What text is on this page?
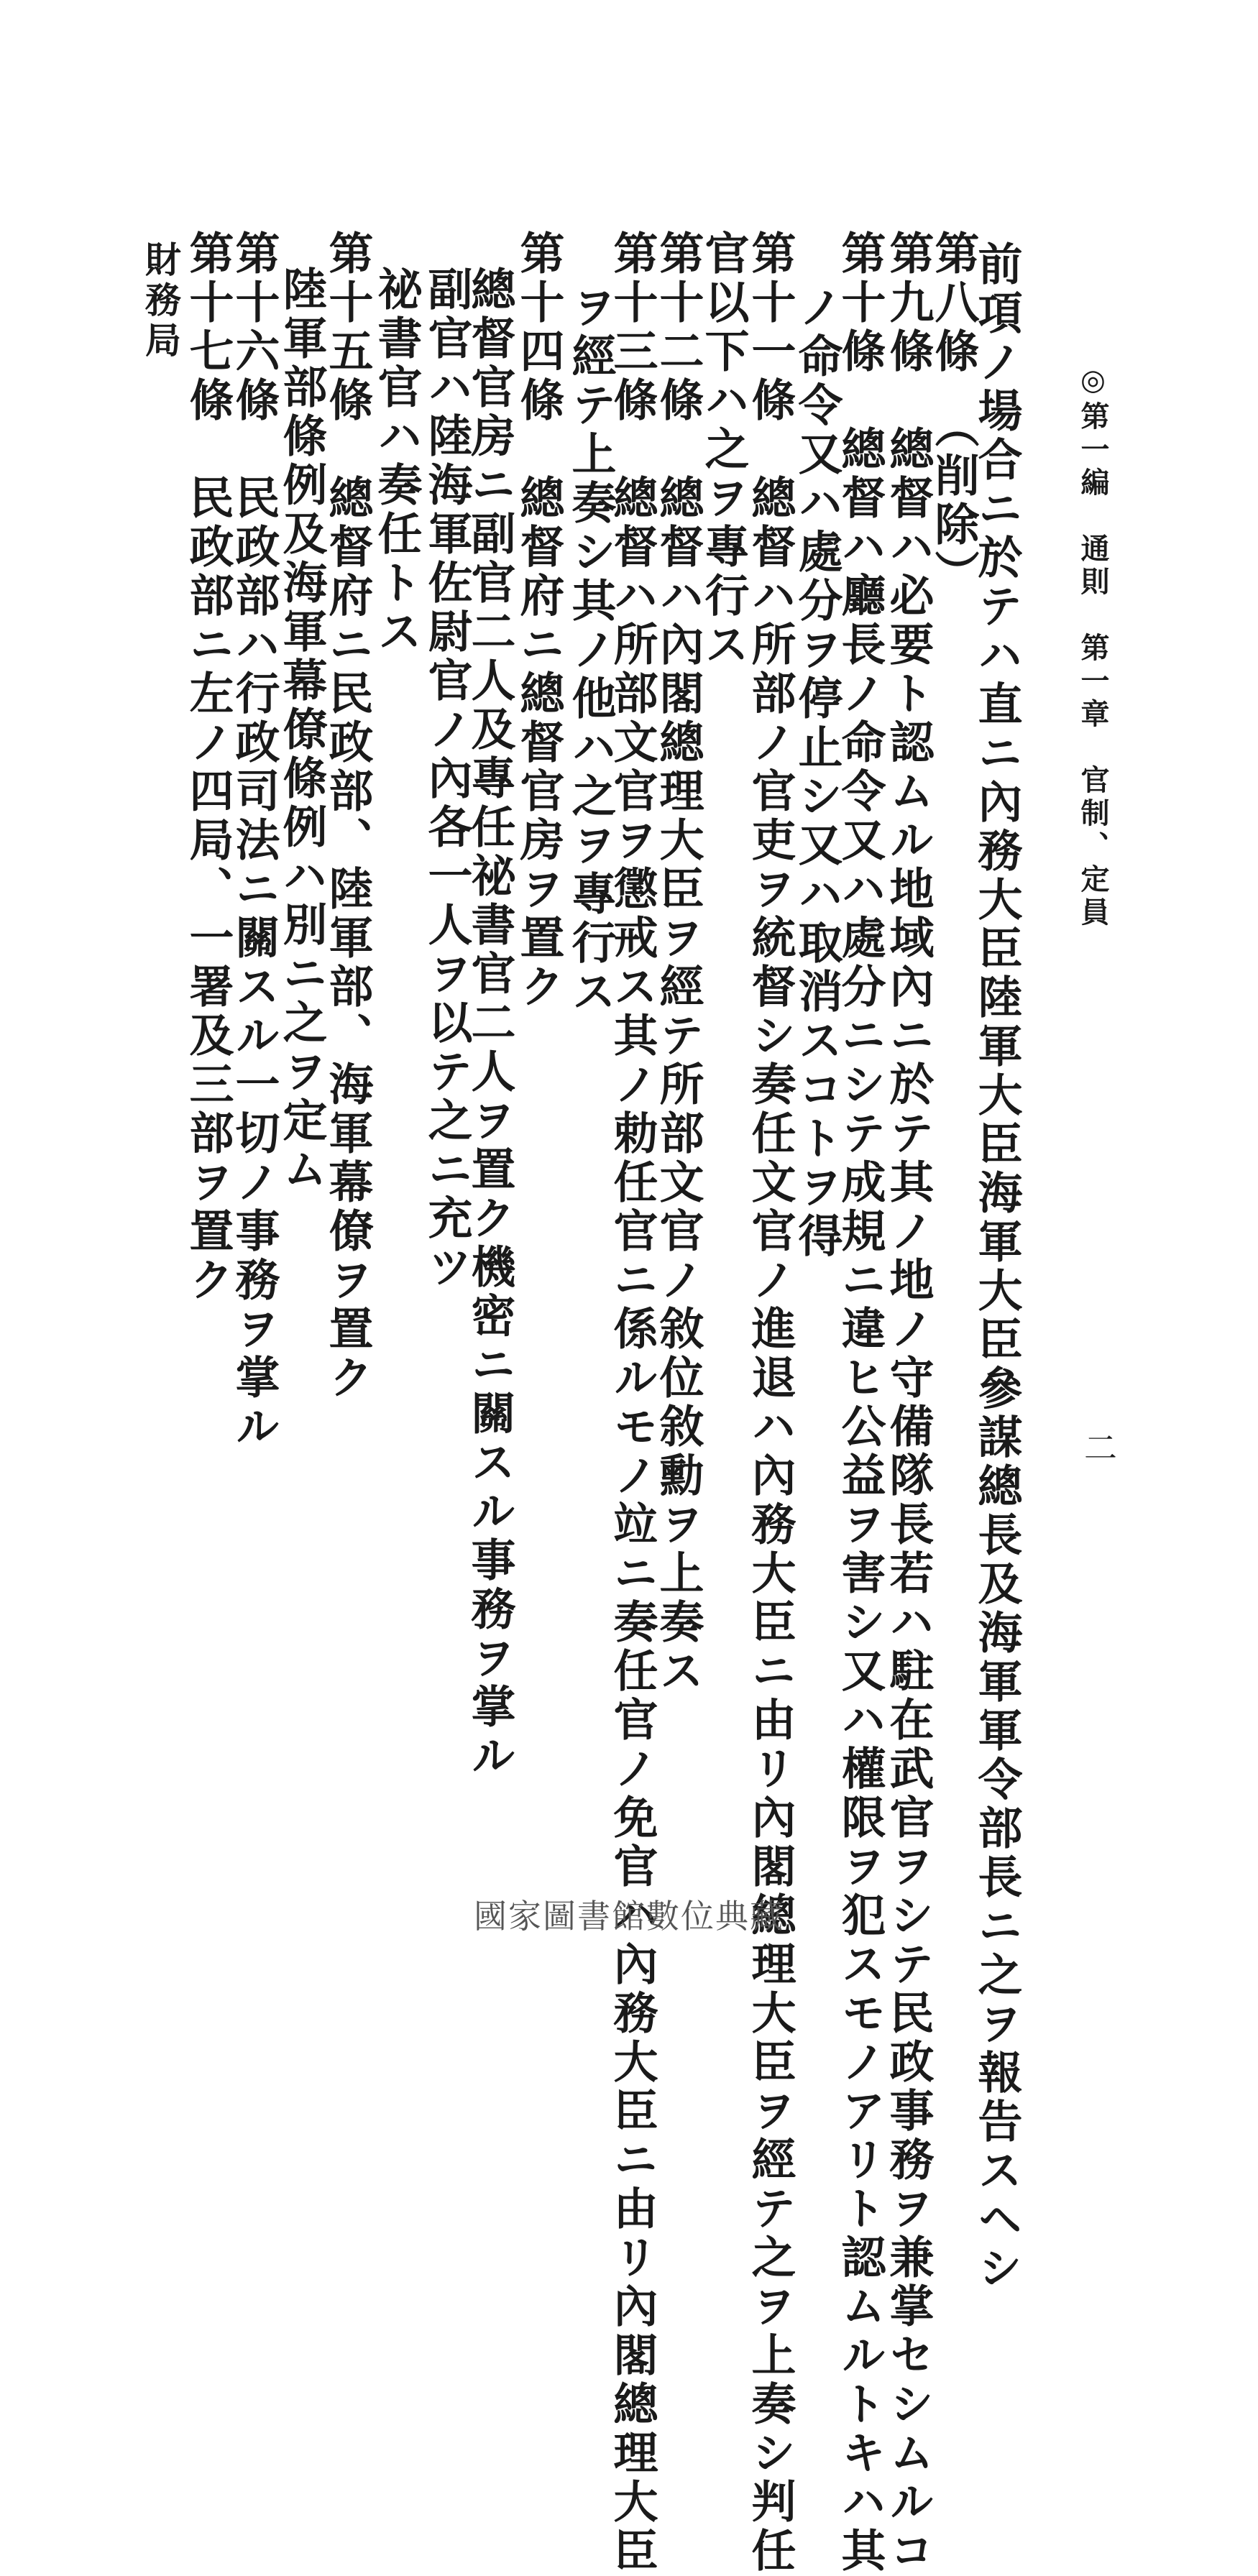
◎第一編　通則　第一章　官制、定員
二
前項ノ場合ニ於テハ直ニ內務大臣陸軍大臣海軍大臣參謀總長及海軍軍令部長ニ之ヲ報告スヘシ
第八條　（削除）
第九條　總督ハ必要ト認ムル地域內ニ於テ其ノ地ノ守備隊長若ハ駐在武官ヲシテ民政事務ヲ兼掌セシムルコ
第十條　總督ハ廳長ノ命令又ハ處分ニシテ成規ニ違ヒ公益ヲ害シ又ハ權限ヲ犯スモノアリト認ムルトキハ其
ノ命令又ハ處分ヲ停止シ又ハ取消スコトヲ得
第十一條　總督ハ所部ノ官吏ヲ統督シ奏任文官ノ進退ハ內務大臣ニ由リ內閣總理大臣ヲ經テ之ヲ上奏シ判任
官以下ハ之ヲ專行ス
第十二條　總督ハ內閣總理大臣ヲ經テ所部文官ノ敘位敘勳ヲ上奏ス
第十三條　總督ハ所部文官ヲ懲戒ス其ノ勅任官ニ係ルモノ竝ニ奏任官ノ免官ハ內務大臣ニ由リ內閣總理大臣
ヲ經テ上奏シ其ノ他ハ之ヲ專行ス
第十四條　總督府ニ總督官房ヲ置ク
總督官房ニ副官二人及專任祕書官二人ヲ置ク機密ニ關スル事務ヲ掌ル
副官ハ陸海軍佐尉官ノ內各一人ヲ以テ之ニ充ツ
祕書官ハ奏任トス
第十五條　總督府ニ民政部、陸軍部、海軍幕僚ヲ置ク
陸軍部條例及海軍幕僚條例ハ別ニ之ヲ定ム
第十六條　民政部ハ行政司法ニ關スル一切ノ事務ヲ掌ル
第十七條　民政部ニ左ノ四局、一署及三部ヲ置ク
財務局
國家圖書館數位典藏
